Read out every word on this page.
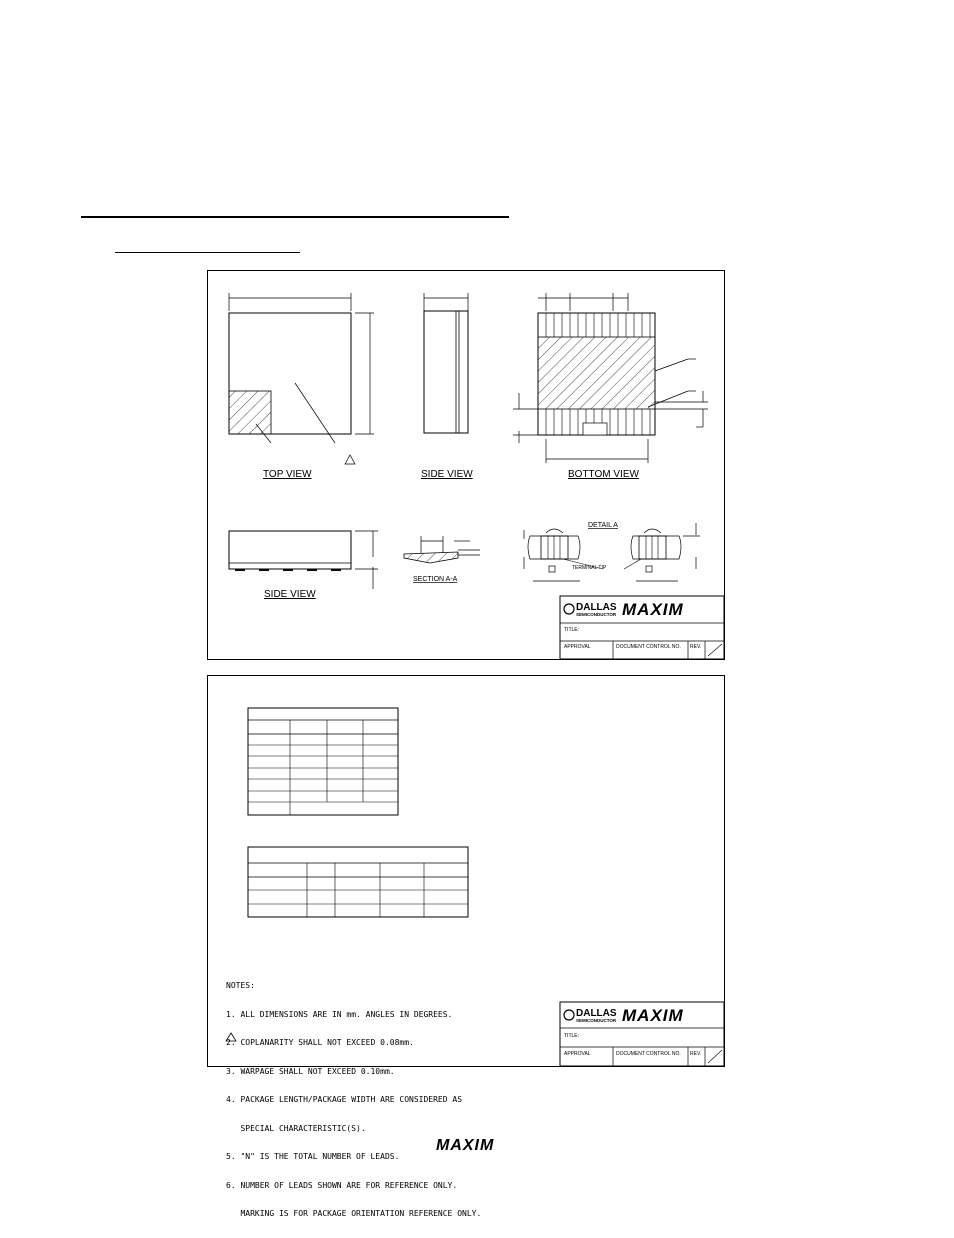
TOP VIEW	SIDE VIEW	BOTTOM VIEW
SIDE VIEW
SECTION A-A
DETAIL A
TERMINAL TIP
DALLAS
SEMICONDUCTOR MAXIM
TITLE:
APPROVAL	DOCUMENT CONTROL NO. REV.
DALLAS
SEMICONDUCTOR MAXIM
TITLE:
APPROVAL	DOCUMENT CONTROL NO. REV.

NOTES:

1. ALL DIMENSIONS ARE IN mm. ANGLES IN DEGREES.

2. COPLANARITY SHALL NOT EXCEED 0.08mm.

3. WARPAGE SHALL NOT EXCEED 0.10mm.

4. PACKAGE LENGTH/PACKAGE WIDTH ARE CONSIDERED AS

SPECIAL CHARACTERISTIC(S).

5. "N" IS THE TOTAL NUMBER OF LEADS.

6. NUMBER OF LEADS SHOWN ARE FOR REFERENCE ONLY.

MARKING IS FOR PACKAGE ORIENTATION REFERENCE ONLY.

MAXIM
